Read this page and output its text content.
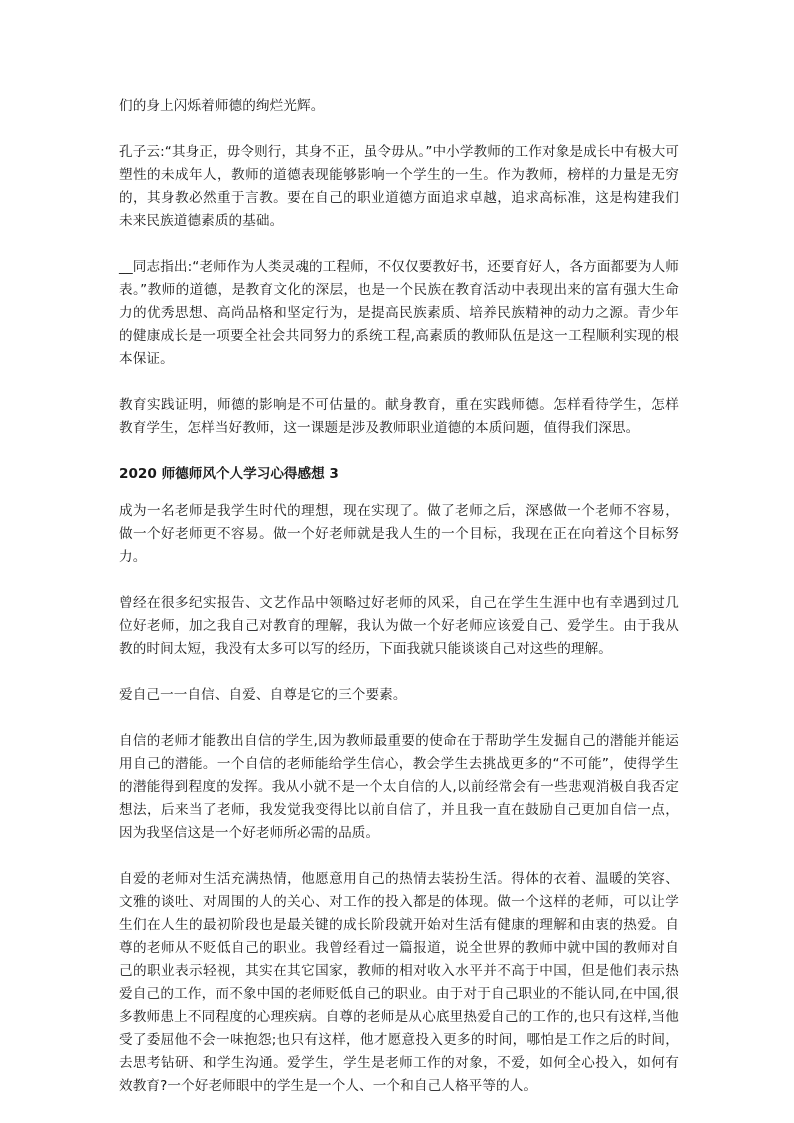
们的身上闪烁着师德的绚烂光辉。

孔子云:“其身正，毋令则行，其身不正，虽令毋从。”中小学教师的工作对象是成长中有极大可塑性的未成年人，教师的道德表现能够影响一个学生的一生。作为教师，榜样的力量是无穷的，其身教必然重于言教。要在自己的职业道德方面追求卓越，追求高标准，这是构建我们未来民族道德素质的基础。

__同志指出:“老师作为人类灵魂的工程师，不仅仅要教好书，还要育好人，各方面都要为人师表。”教师的道德，是教育文化的深层，也是一个民族在教育活动中表现出来的富有强大生命力的优秀思想、高尚品格和坚定行为，是提高民族素质、培养民族精神的动力之源。青少年的健康成长是一项要全社会共同努力的系统工程,高素质的教师队伍是这一工程顺利实现的根本保证。

教育实践证明，师德的影响是不可估量的。献身教育，重在实践师德。怎样看待学生，怎样教育学生，怎样当好教师，这一课题是涉及教师职业道德的本质问题，值得我们深思。

2020 师德师风个人学习心得感想 3

成为一名老师是我学生时代的理想，现在实现了。做了老师之后，深感做一个老师不容易，做一个好老师更不容易。做一个好老师就是我人生的一个目标，我现在正在向着这个目标努力。

曾经在很多纪实报告、文艺作品中领略过好老师的风采，自己在学生生涯中也有幸遇到过几位好老师，加之我自己对教育的理解，我认为做一个好老师应该爱自己、爱学生。由于我从教的时间太短，我没有太多可以写的经历，下面我就只能谈谈自己对这些的理解。

爱自己一一自信、自爱、自尊是它的三个要素。

自信的老师才能教出自信的学生,因为教师最重要的使命在于帮助学生发掘自己的潜能并能运用自己的潜能。一个自信的老师能给学生信心，教会学生去挑战更多的“不可能”，使得学生的潜能得到程度的发挥。我从小就不是一个太自信的人,以前经常会有一些悲观消极自我否定想法，后来当了老师，我发觉我变得比以前自信了，并且我一直在鼓励自己更加自信一点，因为我坚信这是一个好老师所必需的品质。

自爱的老师对生活充满热情，他愿意用自己的热情去装扮生活。得体的衣着、温暖的笑容、文雅的谈吐、对周围的人的关心、对工作的投入都是的体现。做一个这样的老师，可以让学生们在人生的最初阶段也是最关键的成长阶段就开始对生活有健康的理解和由衷的热爱。自尊的老师从不贬低自己的职业。我曾经看过一篇报道，说全世界的教师中就中国的教师对自己的职业表示轻视，其实在其它国家，教师的相对收入水平并不高于中国，但是他们表示热爱自己的工作，而不象中国的老师贬低自己的职业。由于对于自己职业的不能认同,在中国,很多教师患上不同程度的心理疾病。自尊的老师是从心底里热爱自己的工作的,也只有这样,当他受了委屈他不会一味抱怨;也只有这样，他才愿意投入更多的时间，哪怕是工作之后的时间，去思考钻研、和学生沟通。爱学生，学生是老师工作的对象，不爱，如何全心投入，如何有效教育?一个好老师眼中的学生是一个人、一个和自己人格平等的人。
